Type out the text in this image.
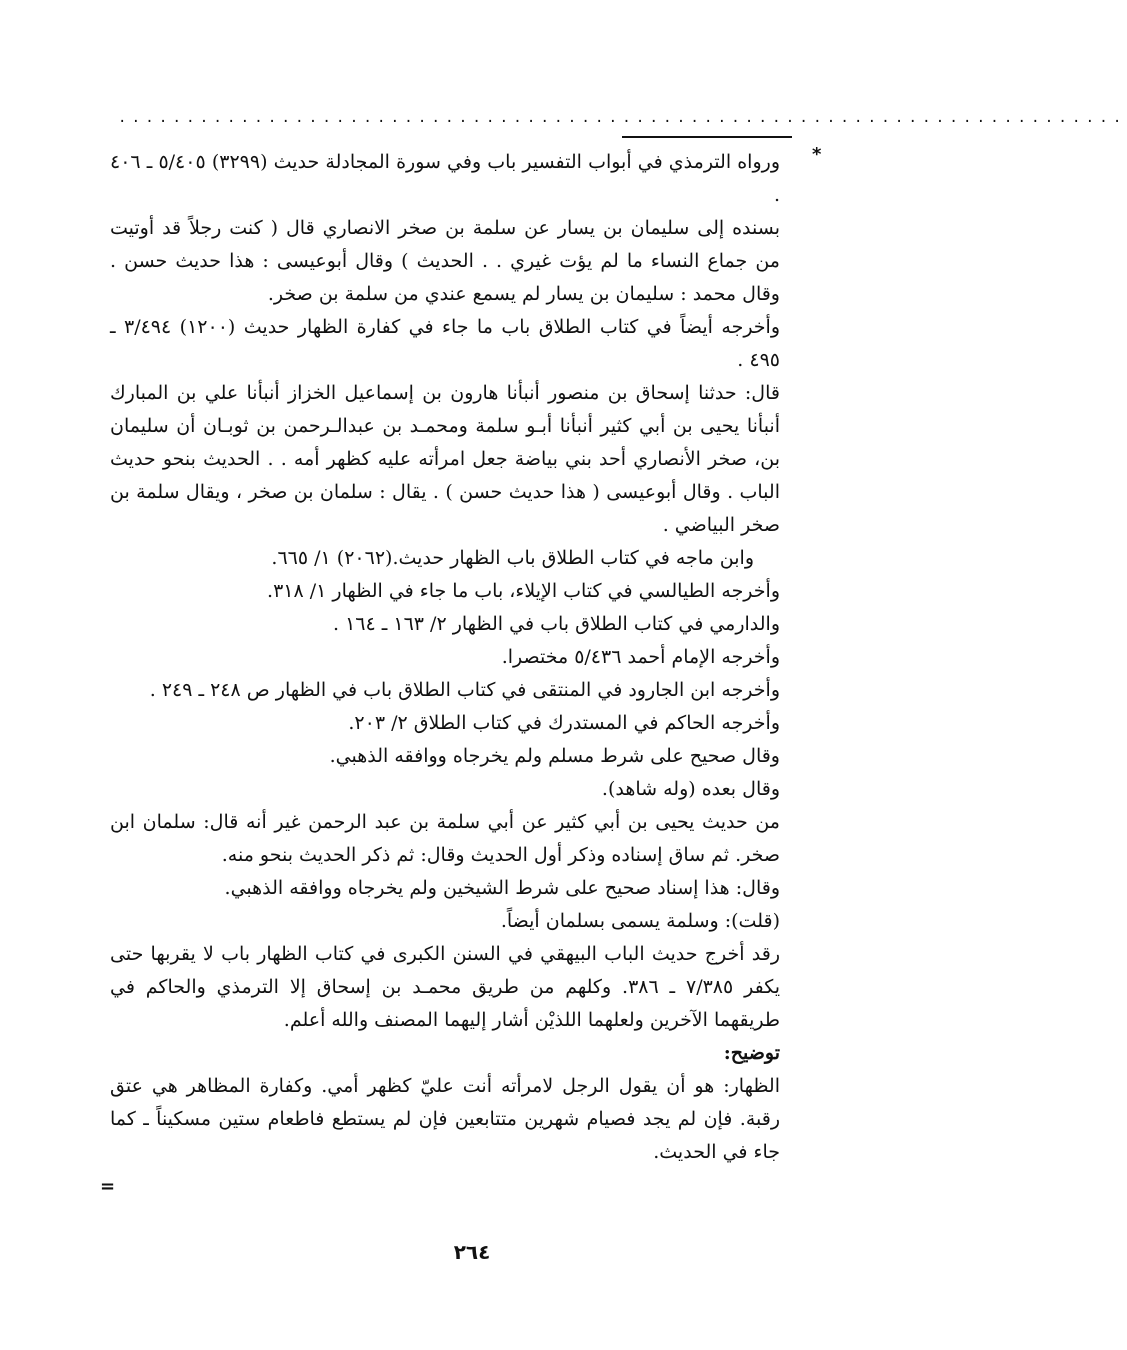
..........................................................................
*
=

ورواه الترمذي في أبواب التفسير باب وفي سورة المجادلة حديث (٣٢٩٩) ٥/٤٠٥ ـ ٤٠٦ .

بسنده إلى سليمان بن يسار عن سلمة بن صخر الانصاري قال ( كنت رجلاً قد أوتيت من جماع النساء ما لم يؤت غيري . . الحديث ) وقال أبوعيسى : هذا حديث حسن . وقال محمد : سليمان بن يسار لم يسمع عندي من سلمة بن صخر.

وأخرجه أيضاً في كتاب الطلاق باب ما جاء في كفارة الظهار حديث (١٢٠٠) ٣/٤٩٤ ـ ٤٩٥ .

قال: حدثنا إسحاق بن منصور أنبأنا هارون بن إسماعيل الخزاز أنبأنا علي بن المبارك أنبأنا يحيى بن أبي كثير أنبأنا أبـو سلمة ومحمـد بن عبدالـرحمن بن ثوبـان أن سليمان بن، صخر الأنصاري أحد بني بياضة جعل امرأته عليه كظهر أمه . . الحديث بنحو حديث الباب . وقال أبوعيسى ( هذا حديث حسن ) . يقال : سلمان بن صخر ، ويقال سلمة بن صخر البياضي .

وابن ماجه في كتاب الطلاق باب الظهار حديث.(٢٠٦٢) ١/ ٦٦٥.

وأخرجه الطيالسي في كتاب الإيلاء، باب ما جاء في الظهار ١/ ٣١٨.

والدارمي في كتاب الطلاق باب في الظهار ٢/ ١٦٣ ـ ١٦٤ .

وأخرجه الإمام أحمد ٥/٤٣٦ مختصرا.

وأخرجه ابن الجارود في المنتقى في كتاب الطلاق باب في الظهار ص ٢٤٨ ـ ٢٤٩ .

وأخرجه الحاكم في المستدرك في كتاب الطلاق ٢/ ٢٠٣.

وقال صحيح على شرط مسلم ولم يخرجاه ووافقه الذهبي.

وقال بعده (وله شاهد).

من حديث يحيى بن أبي كثير عن أبي سلمة بن عبد الرحمن غير أنه قال: سلمان ابن صخر. ثم ساق إسناده وذكر أول الحديث وقال: ثم ذكر الحديث بنحو منه.

وقال: هذا إسناد صحيح على شرط الشيخين ولم يخرجاه ووافقه الذهبي.

(قلت): وسلمة يسمى بسلمان أيضاً.

رقد أخرج حديث الباب البيهقي في السنن الكبرى في كتاب الظهار باب لا يقربها حتى يكفر ٧/٣٨٥ ـ ٣٨٦. وكلهم من طريق محمـد بن إسحاق إلا الترمذي والحاكم في طريقهما الآخرين ولعلهما اللذيْن أشار إليهما المصنف والله أعلم.

توضيح:

الظهار: هو أن يقول الرجل لامرأته أنت عليّ كظهر أمي. وكفارة المظاهر هي عتق رقبة. فإن لم يجد فصيام شهرين متتابعين فإن لم يستطع فاطعام ستين مسكيناً ـ كما جاء في الحديث.

٢٦٤
